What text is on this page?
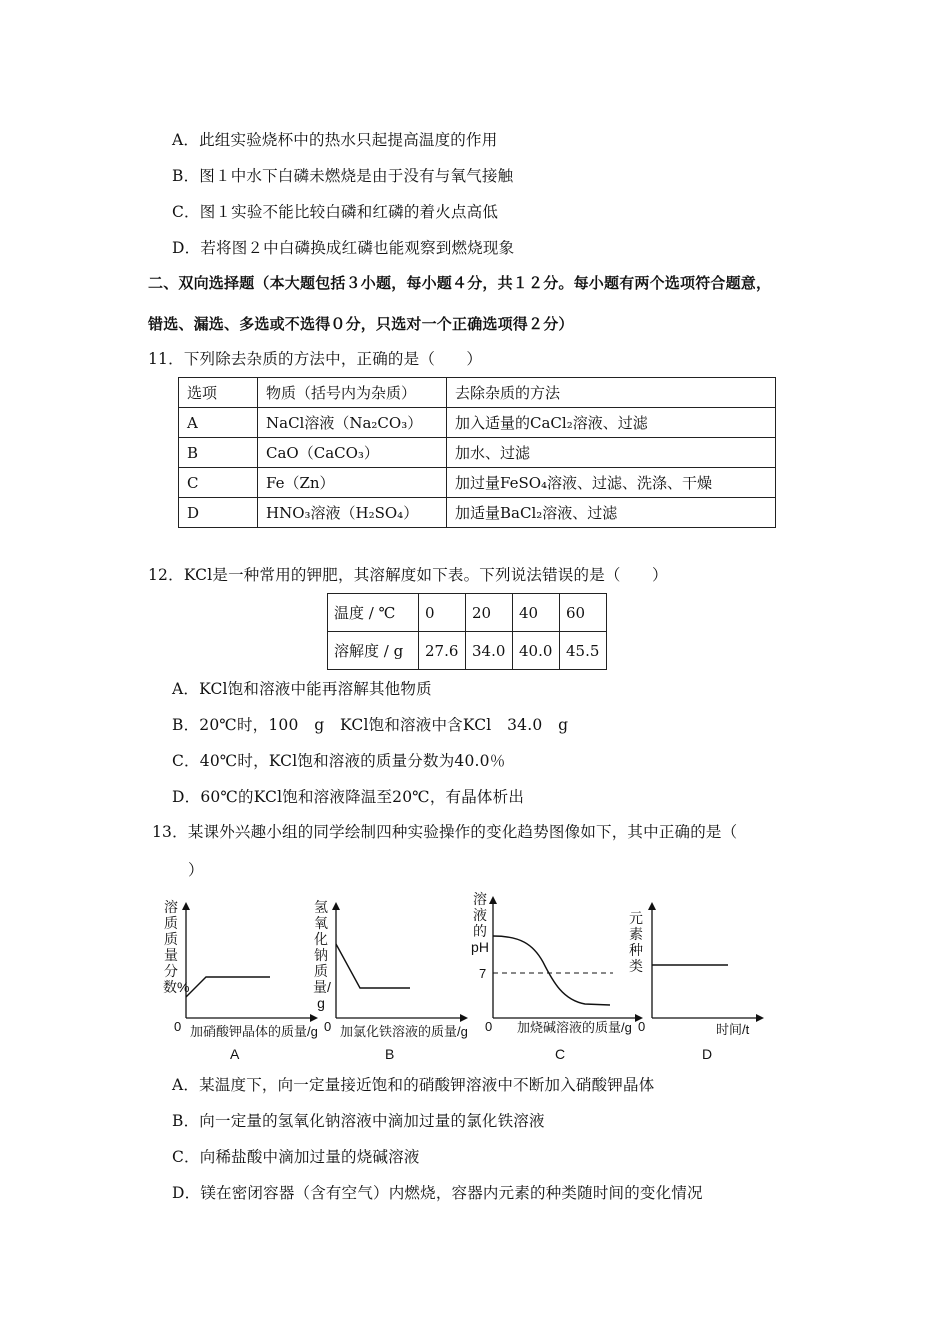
A．此组实验烧杯中的热水只起提高温度的作用
B．图１中水下白磷未燃烧是由于没有与氧气接触
C．图１实验不能比较白磷和红磷的着火点高低
D．若将图２中白磷换成红磷也能观察到燃烧现象
二、双向选择题（本大题包括３小题，每小题４分，共１２分。每小题有两个选项符合题意，
错选、漏选、多选或不选得０分，只选对一个正确选项得２分）
11．下列除去杂质的方法中，正确的是（　　）
选项	物质（括号内为杂质）	去除杂质的方法
A	NaCl溶液（Na₂CO₃）	加入适量的CaCl₂溶液、过滤
B	CaO（CaCO₃）	加水、过滤
C	Fe（Zn）	加过量FeSO₄溶液、过滤、洗涤、干燥
D	HNO₃溶液（H₂SO₄）	加适量BaCl₂溶液、过滤
12．KCl是一种常用的钾肥，其溶解度如下表。下列说法错误的是（　　）
温度 / ℃	0	20	40	60
溶解度 / g	27.6	34.0	40.0	45.5
A．KCl饱和溶液中能再溶解其他物质
B．20℃时，100　g　KCl饱和溶液中含KCl　34.0　g
C．40℃时，KCl饱和溶液的质量分数为40.0％
D．60℃的KCl饱和溶液降温至20℃，有晶体析出
13．某课外兴趣小组的同学绘制四种实验操作的变化趋势图像如下，其中正确的是（
）
溶质质量分数%
0 加硝酸钾晶体的质量/g
A
氢氧化钠质量/g
0 加氯化铁溶液的质量/g
B
溶液的pH
7
0 加烧碱溶液的质量/g
C
元素种类
0	时间/t
D
A．某温度下，向一定量接近饱和的硝酸钾溶液中不断加入硝酸钾晶体
B．向一定量的氢氧化钠溶液中滴加过量的氯化铁溶液
C．向稀盐酸中滴加过量的烧碱溶液
D．镁在密闭容器（含有空气）内燃烧，容器内元素的种类随时间的变化情况
